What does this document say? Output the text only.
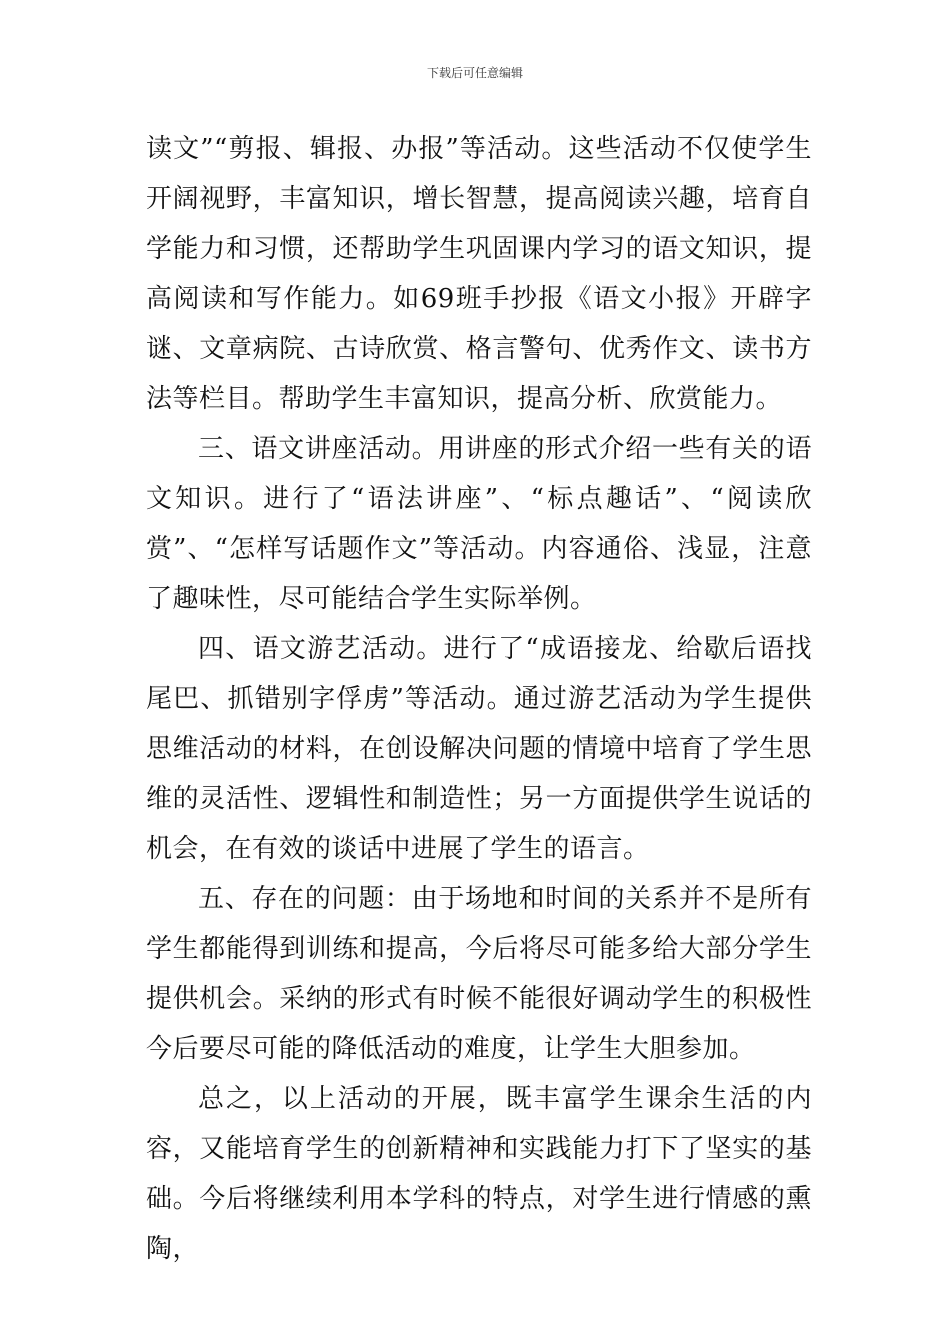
下载后可任意编辑

读文”“剪报、辑报、办报”等活动。这些活动不仅使学生开阔视野，丰富知识，增长智慧，提高阅读兴趣，培育自学能力和习惯，还帮助学生巩固课内学习的语文知识，提高阅读和写作能力。如69班手抄报《语文小报》开辟字谜、文章病院、古诗欣赏、格言警句、优秀作文、读书方法等栏目。帮助学生丰富知识，提高分析、欣赏能力。

三、语文讲座活动。用讲座的形式介绍一些有关的语文知识。进行了“语法讲座”、“标点趣话”、“阅读欣赏”、“怎样写话题作文”等活动。内容通俗、浅显，注意了趣味性，尽可能结合学生实际举例。

四、语文游艺活动。进行了“成语接龙、给歇后语找尾巴、抓错别字俘虏”等活动。通过游艺活动为学生提供思维活动的材料，在创设解决问题的情境中培育了学生思维的灵活性、逻辑性和制造性；另一方面提供学生说话的机会，在有效的谈话中进展了学生的语言。

五、存在的问题：由于场地和时间的关系并不是所有学生都能得到训练和提高，今后将尽可能多给大部分学生提供机会。采纳的形式有时候不能很好调动学生的积极性今后要尽可能的降低活动的难度，让学生大胆参加。

总之，以上活动的开展，既丰富学生课余生活的内容，又能培育学生的创新精神和实践能力打下了坚实的基础。今后将继续利用本学科的特点，对学生进行情感的熏陶，
